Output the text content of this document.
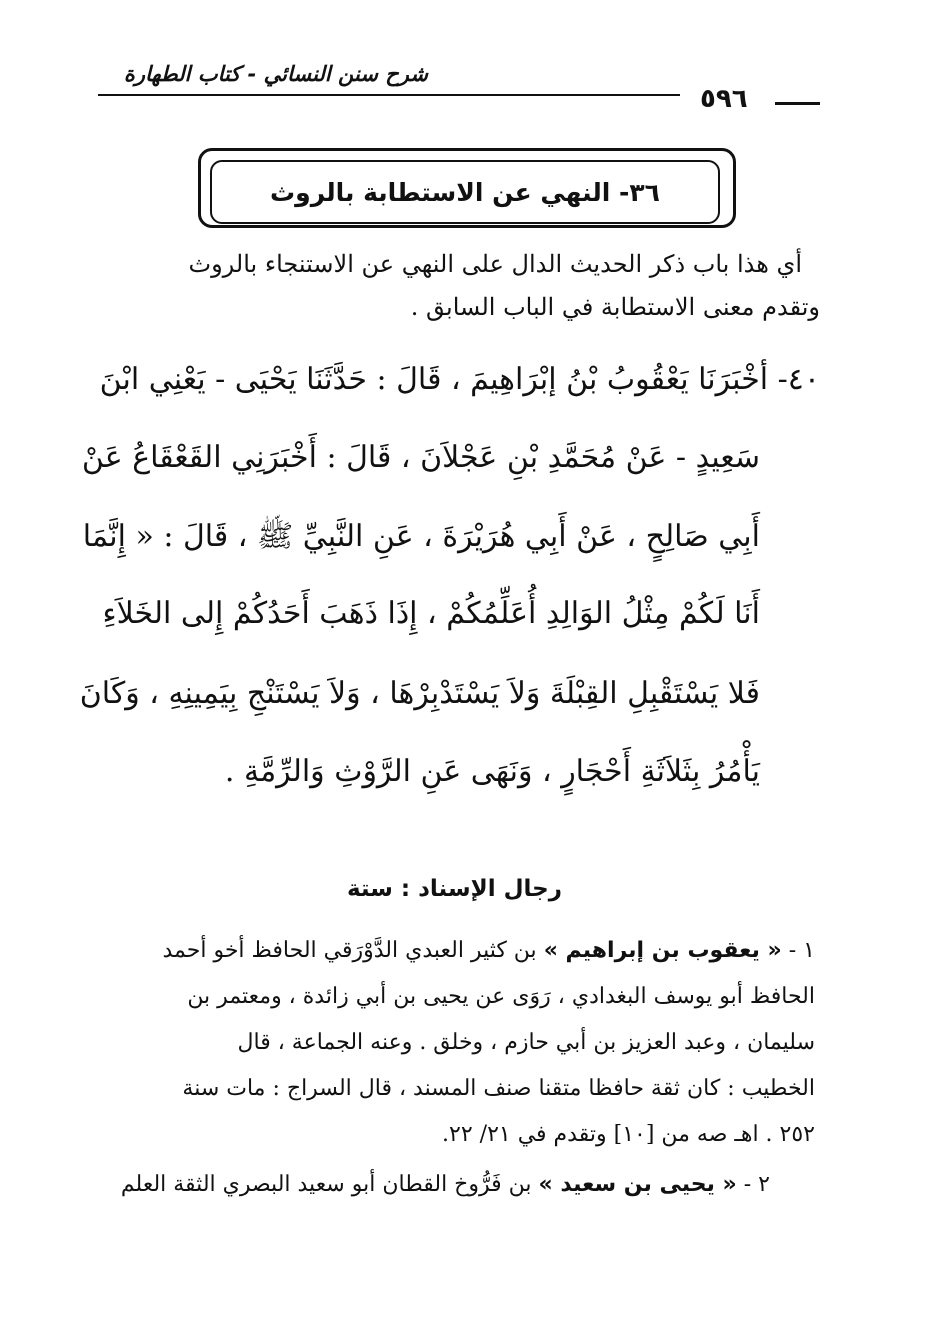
شرح سنن النسائي - كتاب الطهارة
٥٩٦
٣٦- النهي عن الاستطابة بالروث
أي هذا باب ذكر الحديث الدال على النهي عن الاستنجاء بالروث
وتقدم معنى الاستطابة في الباب السابق .
٤٠- أخْبَرَنَا يَعْقُوبُ بْنُ إبْرَاهِيمَ ، قَالَ : حَدَّثَنَا يَحْيَى - يَعْنِي ابْنَ
سَعِيدٍ - عَنْ مُحَمَّدِ بْنِ عَجْلاَنَ ، قَالَ : أَخْبَرَنِي القَعْقَاعُ عَنْ
أَبِي صَالِحٍ ، عَنْ أَبِي هُرَيْرَةَ ، عَنِ النَّبِيِّ ﷺ ، قَالَ : « إِنَّمَا
أَنَا لَكُمْ مِثْلُ الوَالِدِ أُعَلِّمُكُمْ ، إِذَا ذَهَبَ أَحَدُكُمْ إِلى الخَلاَءِ
فَلا يَسْتَقْبِلِ القِبْلَةَ وَلاَ يَسْتَدْبِرْهَا ، وَلاَ يَسْتَنْجِ بِيَمِينِهِ ، وَكَانَ
يَأْمُرُ بِثَلاَثَةِ أَحْجَارٍ ، وَنَهَى عَنِ الرَّوْثِ وَالرِّمَّةِ .
رجال الإسناد : ستة
١ - « يعقوب بن إبراهيم » بن كثير العبدي الدَّوْرَقي الحافظ أخو أحمد
الحافظ أبو يوسف البغدادي ، رَوَى عن يحيى بن أبي زائدة ، ومعتمر بن
سليمان ، وعبد العزيز بن أبي حازم ، وخلق . وعنه الجماعة ، قال
الخطيب : كان ثقة حافظا متقنا صنف المسند ، قال السراج : مات سنة
٢٥٢ . اهـ صه من [١٠] وتقدم في ٢١/ ٢٢.
٢ - « يحيى بن سعيد » بن فَرُّوخ القطان أبو سعيد البصري الثقة العلم
